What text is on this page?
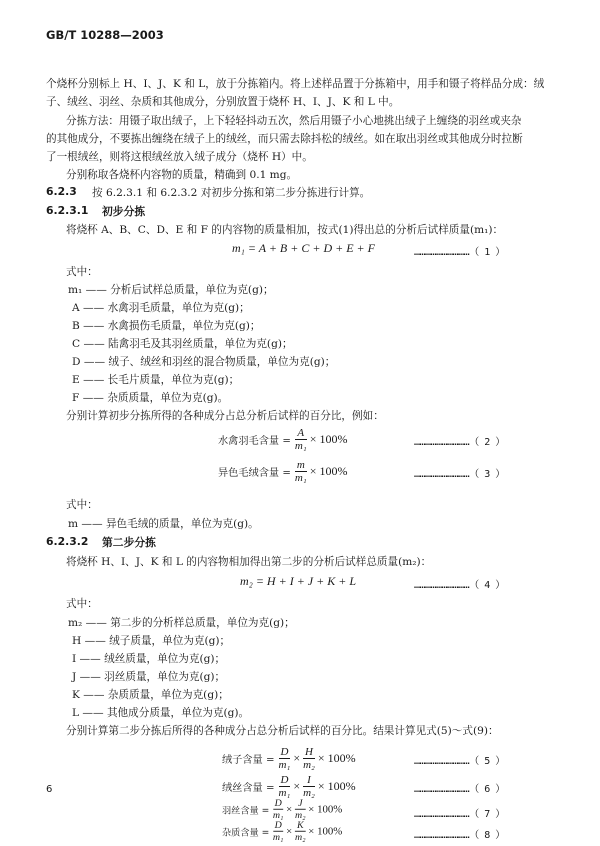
GB/T 10288—2003
个烧杯分别标上 H、I、J、K 和 L，放于分拣箱内。将上述样品置于分拣箱中，用手和镊子将样品分成：绒
子、绒丝、羽丝、杂质和其他成分，分别放置于烧杯 H、I、J、K 和 L 中。
分拣方法：用镊子取出绒子，上下轻轻抖动五次，然后用镊子小心地挑出绒子上缠绕的羽丝或夹杂
的其他成分，不要拣出缠绕在绒子上的绒丝，而只需去除抖松的绒丝。如在取出羽丝或其他成分时拉断
了一根绒丝，则将这根绒丝放入绒子成分（烧杯 H）中。
分别称取各烧杯内容物的质量，精确到 0.1 mg。
6.2.3 按 6.2.3.1 和 6.2.3.2 对初步分拣和第二步分拣进行计算。
6.2.3.1 初步分拣
将烧杯 A、B、C、D、E 和 F 的内容物的质量相加，按式(1)得出总的分析后试样质量(m₁)：
m₁ = A + B + C + D + E + F	…………………………（ 1 ）
式中：
m₁ —— 分析后试样总质量，单位为克(g)；
A —— 水禽羽毛质量，单位为克(g)；
B —— 水禽损伤毛质量，单位为克(g)；
C —— 陆禽羽毛及其羽丝质量，单位为克(g)；
D —— 绒子、绒丝和羽丝的混合物质量，单位为克(g)；
E —— 长毛片质量，单位为克(g)；
F —— 杂质质量，单位为克(g)。
分别计算初步分拣所得的各种成分占总分析后试样的百分比，例如：
水禽羽毛含量 = $\frac{A}{\text{m₁}} \times 100\%$	…………………………（ 2 ）
异色毛绒含量 = $\frac{m}{\text{m₁}} \times 100\%$	…………………………（ 3 ）
式中：
m —— 异色毛绒的质量，单位为克(g)。
6.2.3.2 第二步分拣
将烧杯 H、I、J、K 和 L 的内容物相加得出第二步的分析后试样总质量(m₂)：
m₂ = H + I + J + K + L	…………………………（ 4 ）
式中：
m₂ —— 第二步的分析样总质量，单位为克(g)；
H —— 绒子质量，单位为克(g)；
I —— 绒丝质量，单位为克(g)；
J —— 羽丝质量，单位为克(g)；
K —— 杂质质量，单位为克(g)；
L —— 其他成分质量，单位为克(g)。
分别计算第二步分拣后所得的各种成分占总分析后试样的百分比。结果计算见式(5)～式(9)：
绒子含量 = $\frac{D}{\text{m₁}} \times \frac{H}{\text{m₂}} \times 100\%$	…………………………（ 5 ）
绒丝含量 = $\frac{D}{\text{m₁}} \times \frac{I}{\text{m₂}} \times 100\%$	…………………………（ 6 ）
羽丝含量 = $\frac{D}{\text{m₁}} \times \frac{J}{\text{m₂}} \times 100\%$	…………………………（ 7 ）
杂质含量 = $\frac{D}{\text{m₁}} \times \frac{K}{\text{m₂}} \times 100\%$	…………………………（ 8 ）
6
